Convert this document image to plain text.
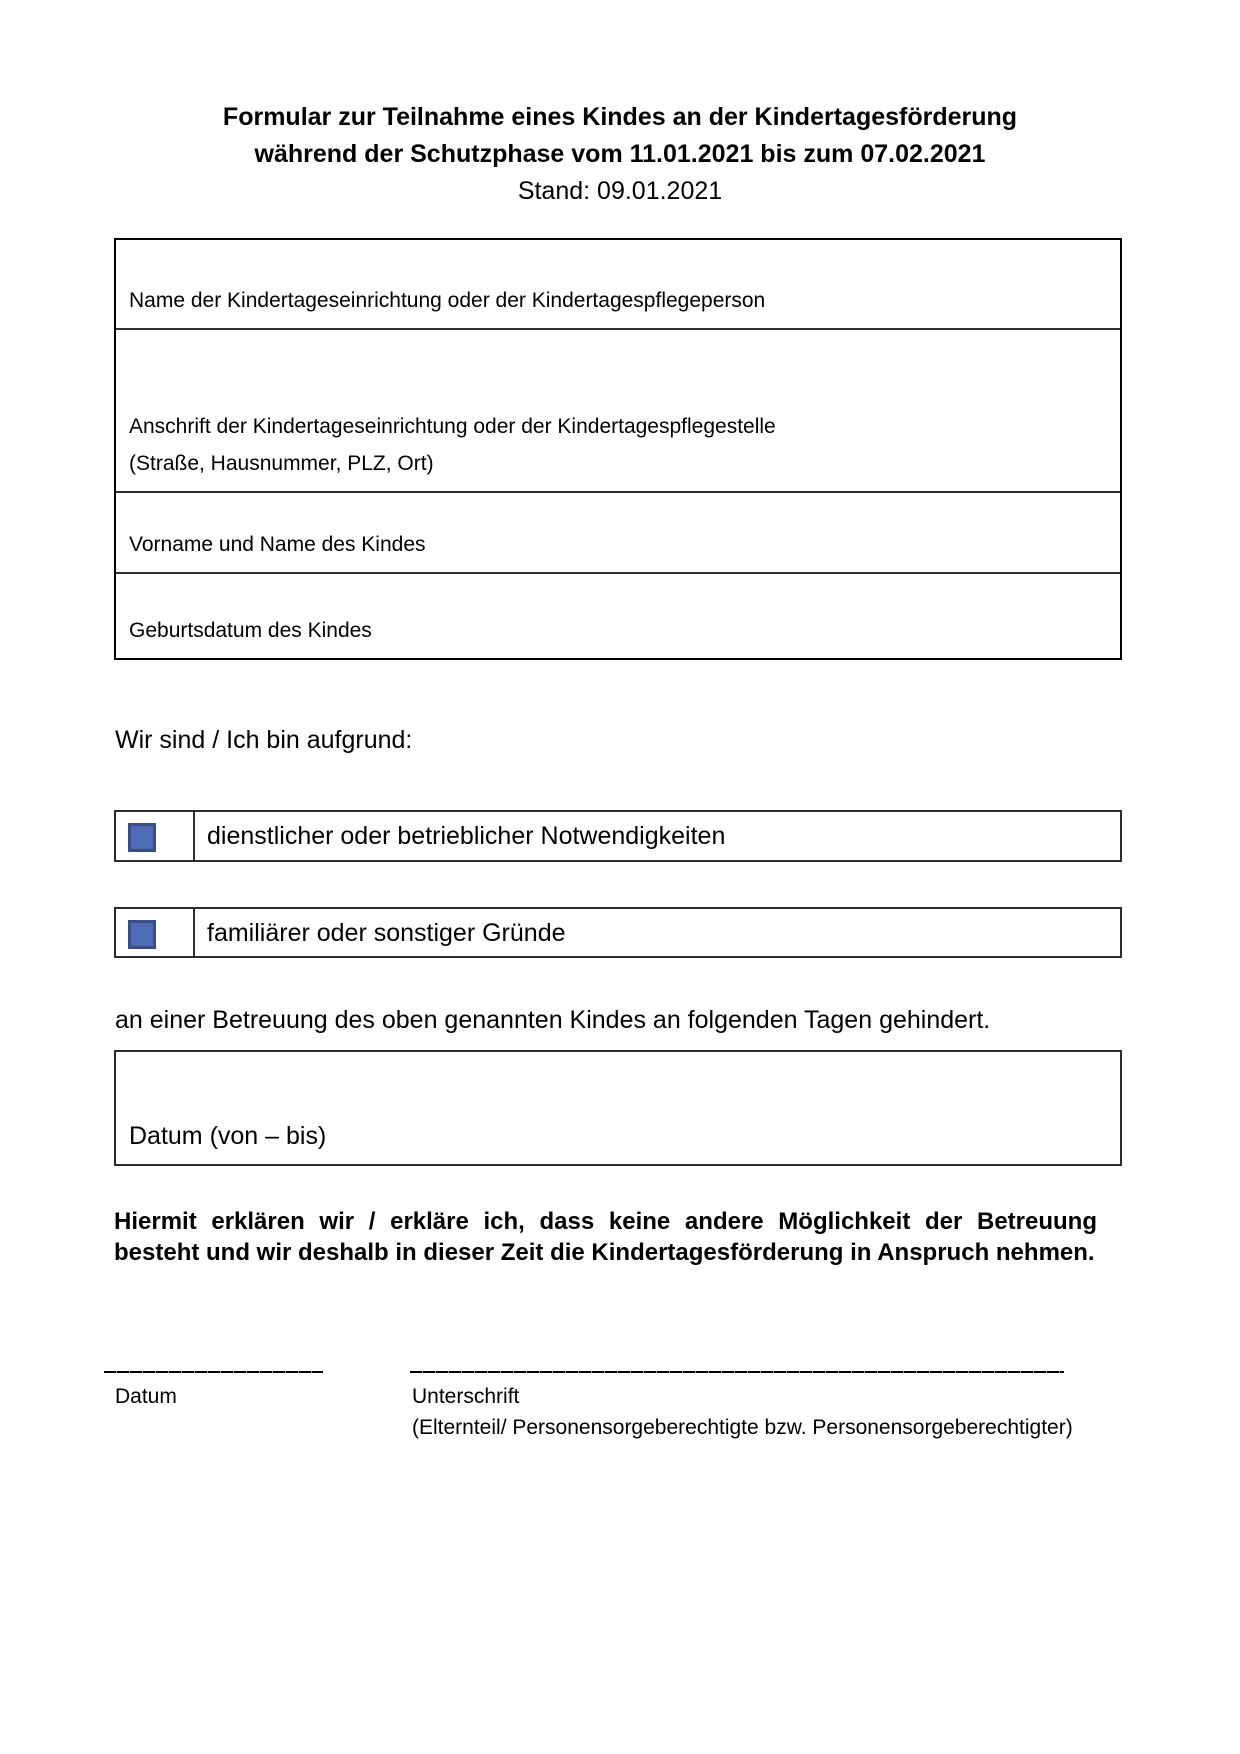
Formular zur Teilnahme eines Kindes an der Kindertagesförderung
während der Schutzphase vom 11.01.2021 bis zum 07.02.2021
Stand: 09.01.2021
Name der Kindertageseinrichtung oder der Kindertagespflegeperson
Anschrift der Kindertageseinrichtung oder der Kindertagespflegestelle
(Straße, Hausnummer, PLZ, Ort)
Vorname und Name des Kindes
Geburtsdatum des Kindes
Wir sind / Ich bin aufgrund:
dienstlicher oder betrieblicher Notwendigkeiten
familiärer oder sonstiger Gründe
an einer Betreuung des oben genannten Kindes an folgenden Tagen gehindert.
Datum (von – bis)
Hiermit erklären wir / erkläre ich, dass keine andere Möglichkeit der Betreuung
besteht und wir deshalb in dieser Zeit die Kindertagesförderung in Anspruch nehmen.
Datum	Unterschrift
(Elternteil/ Personensorgeberechtigte bzw. Personensorgeberechtigter)
